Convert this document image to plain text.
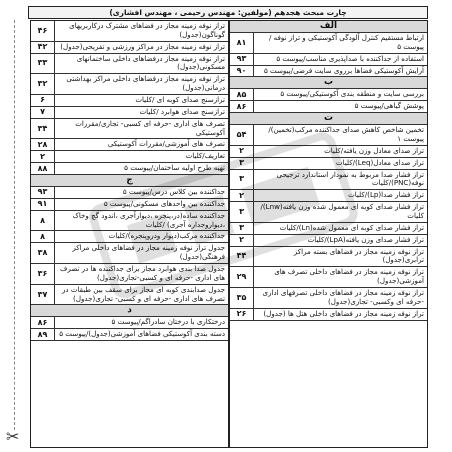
چارت مبحث هجدهم (مولفین: مهندس رحیمی ، مهندس افشاری)
الف
ارتباط مستقیم کنترل آلودگی آکوستیکی و تراز نوفه /پیوست ۵
۸۱
استفاده از جداکننده با صداپذیری مناسب/پیوست ۵
۹۳
آرایش آکوستیکی فضاها برروی سایت فرضی/پیوست ۵
۹۰
ب
بررسی سایت و منطقه بندی آکوستیکی/پیوست ۵
۸۵
پوشش گیاهی/پیوست ۵
۸۶
ت
تخمین شاخص کاهش صدای جداکننده مرکب(تخمین)/پیوست ۱
۵۴
تراز صدای معادل وزن یافته/کلیات
۲
تراز صدای معادل(Leq)/کلیات
۳
تراز فشار صدا مربوط به نمودار استاندارد ترجیحی نوفه(PNC)/کلیات
۳
تراز فشار صدا(Lp)/کلیات
۲
تراز فشار صدای کوبه ای معمول شده وزن یافته(Lnw)/کلیات
۳
تراز فشار صدای کوبه ای معمول شده(Ln)/کلیات
۳
تراز فشار صدای وزن یافته(LpA)/کلیات
۲
تراز نوفه زمینه مجاز در فضاهای بسته مراکز ترابری(جدول)
۴۴
تراز نوفه زمینه مجاز در فضاهای داخلی تصرف های آموزشی(جدول)
۲۹
تراز نوفه زمینه مجاز در فضاهای داخلی تصرفهای اداری -حرفه ای وکسبی- تجاری(جدول)
۳۵
تراز نوفه زمینه مجاز در فضاهای داخلی هتل ها (جدول)
۲۶
تراز نوفه زمینه مجاز در فضاهای مشترک درکاربریهای گوناگون(جدول)
۴۶
تراز نوفه زمینه مجاز در مراکز ورزشی و تفریحی(جدول)
۴۲
تراز نوفه زمینه مجاز درفضاهای داخلی ساختمانهای مسکونی(جدول)
۳۳
تراز نوفه زمینه مجاز درفضاهای داخلی مراکز بهداشتی درمانی(جدول)
۳۲
ترازسنج صدای کوبه ای /کلیات
۶
ترازسنج صدای هوابرد /کلیات
۷
تصرف های اداری -حرفه ای کسبی- تجاری/مقررات آکوستیکی
۳۴
تصرف های آموزشی/مقررات آکوستیکی
۲۸
تعاریف/کلیات
۲
تهیه طرح اولیه ساختمان/پیوست ۵
۸۸
ج
جداکننده بین کلاس درس/پیوست ۵
۹۳
جداکننده بین واحدهای مسکونی/پیوست ۵
۹۱
جداکننده ساده(در،پنجره ،دیوارآجری ،اندود گچ وخاک ،دیواروجداره آجری) /کلیات
۸
جداکننده مرکب(دیوار ودروپنجره)/کلیات
۸
جدول تراز نوفه زمینه مجاز در فضاهای داخلی مراکز فرهنگی(جدول)
۳۸
جدول صدا بندی هوابرد مجاز برای جداکننده ها در تصرف های اداری -حرفه ای و کسبی-تجاری(جدول)
۳۶
جدول صدابندی کوبه ای مجاز برای سقف بین طبقات در تصرف های اداری -حرفه ای و کسبی- تجاری(جدول)
۳۷
د
درختکاری با درختان سادراگم/پیوست ۵
۸۶
دسته بندی آکوستیکی فضاهای آموزشی(جدول)/پیوست ۵
۸۹
✂
